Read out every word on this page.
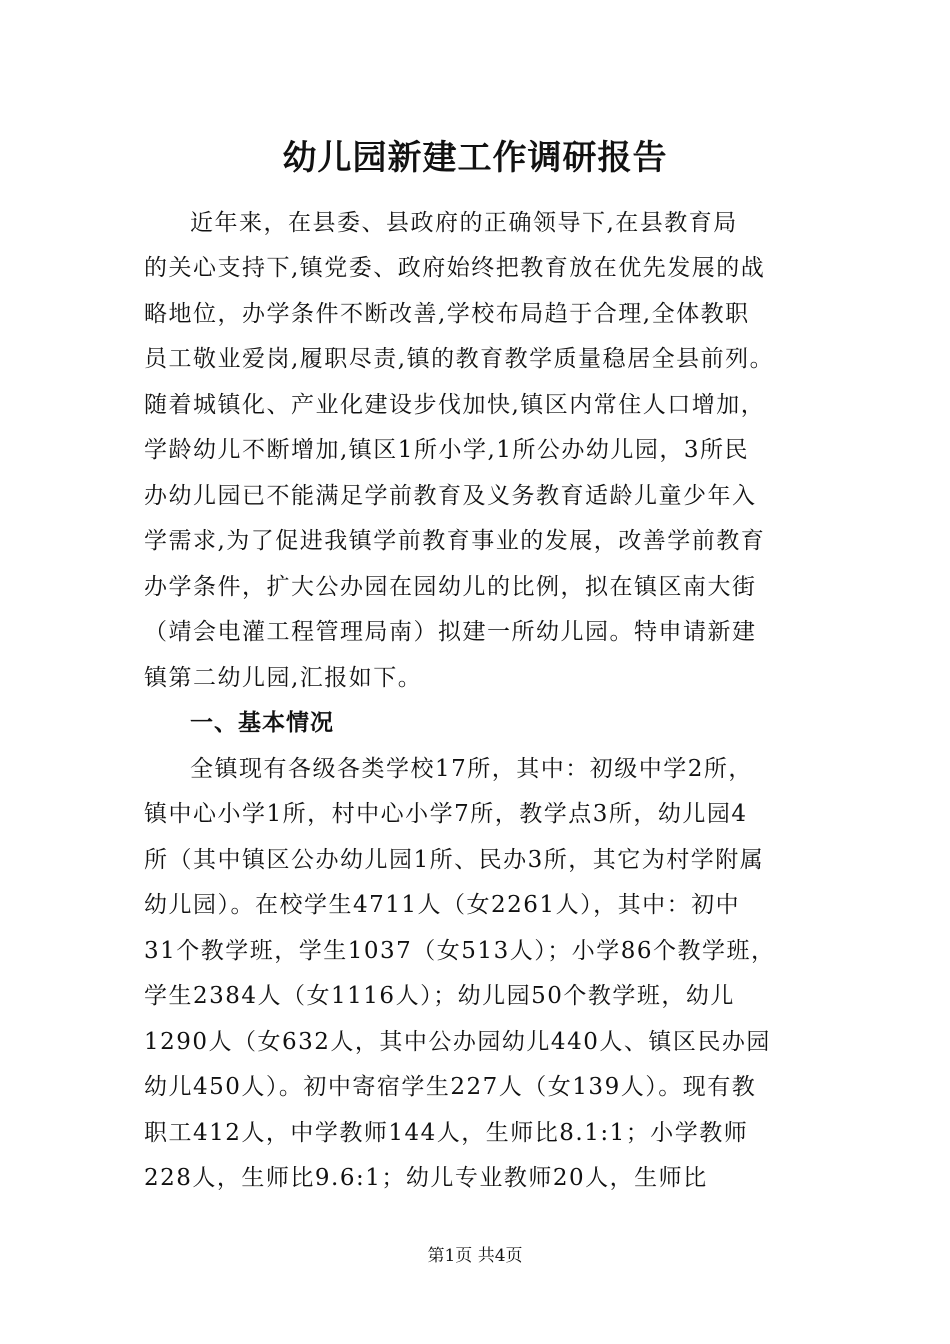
幼儿园新建工作调研报告
近年来，在县委、县政府的正确领导下,在县教育局
的关心支持下,镇党委、政府始终把教育放在优先发展的战
略地位，办学条件不断改善,学校布局趋于合理,全体教职
员工敬业爱岗,履职尽责,镇的教育教学质量稳居全县前列。
随着城镇化、产业化建设步伐加快,镇区内常住人口增加，
学龄幼儿不断增加,镇区1所小学,1所公办幼儿园，3所民
办幼儿园已不能满足学前教育及义务教育适龄儿童少年入
学需求,为了促进我镇学前教育事业的发展，改善学前教育
办学条件，扩大公办园在园幼儿的比例，拟在镇区南大街
（靖会电灌工程管理局南）拟建一所幼儿园。特申请新建
镇第二幼儿园,汇报如下。
一、基本情况
全镇现有各级各类学校17所，其中：初级中学2所，
镇中心小学1所，村中心小学7所，教学点3所，幼儿园4
所（其中镇区公办幼儿园1所、民办3所，其它为村学附属
幼儿园）。在校学生4711人（女2261人），其中：初中
31个教学班，学生1037（女513人）；小学86个教学班，
学生2384人（女1116人）；幼儿园50个教学班，幼儿
1290人（女632人，其中公办园幼儿440人、镇区民办园
幼儿450人）。初中寄宿学生227人（女139人）。现有教
职工412人，中学教师144人，生师比8.1:1；小学教师
228人，生师比9.6:1；幼儿专业教师20人，生师比
第1页 共4页
